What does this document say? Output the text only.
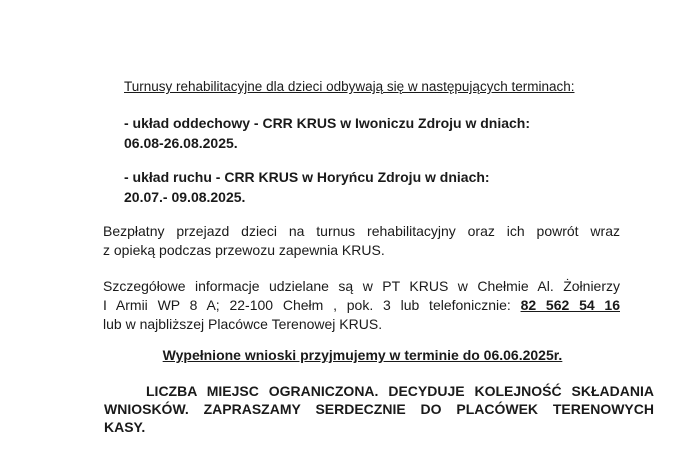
Turnusy rehabilitacyjne dla dzieci odbywają się w następujących terminach:
- układ oddechowy - CRR KRUS w Iwoniczu Zdroju w dniach:
06.08-26.08.2025.
- układ ruchu - CRR KRUS w Horyńcu Zdroju w dniach:
20.07.- 09.08.2025.
Bezpłatny przejazd dzieci na turnus rehabilitacyjny oraz ich powrót wraz
z opieką podczas przewozu zapewnia KRUS.
Szczegółowe informacje udzielane są w PT KRUS w Chełmie Al. Żołnierzy
I Armii WP 8 A; 22-100 Chełm , pok. 3 lub telefonicznie: 82 562 54 16
lub w najbliższej Placówce Terenowej KRUS.
Wypełnione wnioski przyjmujemy w terminie do 06.06.2025r.
LICZBA MIEJSC OGRANICZONA. DECYDUJE KOLEJNOŚĆ SKŁADANIA
WNIOSKÓW. ZAPRASZAMY SERDECZNIE DO PLACÓWEK TERENOWYCH
KASY.
